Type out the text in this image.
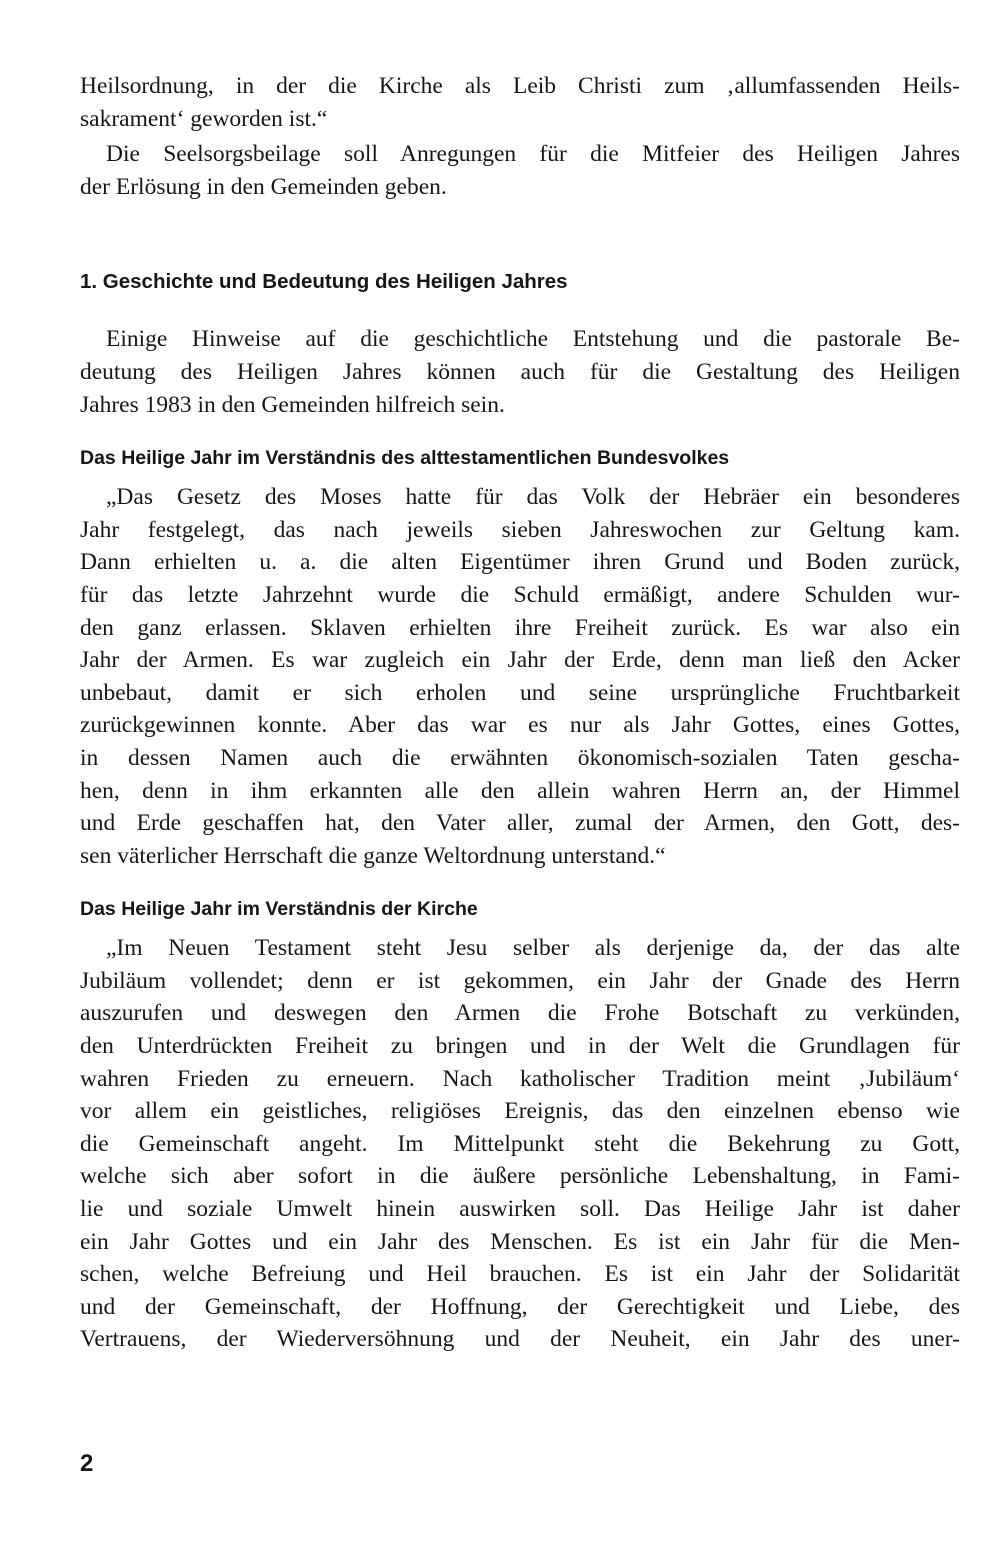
Heilsordnung, in der die Kirche als Leib Christi zum ‚allumfassenden Heils-
sakrament‘ geworden ist.“
Die Seelsorgsbeilage soll Anregungen für die Mitfeier des Heiligen Jahres
der Erlösung in den Gemeinden geben.
1. Geschichte und Bedeutung des Heiligen Jahres
Einige Hinweise auf die geschichtliche Entstehung und die pastorale Be-
deutung des Heiligen Jahres können auch für die Gestaltung des Heiligen
Jahres 1983 in den Gemeinden hilfreich sein.
Das Heilige Jahr im Verständnis des alttestamentlichen Bundesvolkes
„Das Gesetz des Moses hatte für das Volk der Hebräer ein besonderes
Jahr festgelegt, das nach jeweils sieben Jahreswochen zur Geltung kam.
Dann erhielten u. a. die alten Eigentümer ihren Grund und Boden zurück,
für das letzte Jahrzehnt wurde die Schuld ermäßigt, andere Schulden wur-
den ganz erlassen. Sklaven erhielten ihre Freiheit zurück. Es war also ein
Jahr der Armen. Es war zugleich ein Jahr der Erde, denn man ließ den Acker
unbebaut, damit er sich erholen und seine ursprüngliche Fruchtbarkeit
zurückgewinnen konnte. Aber das war es nur als Jahr Gottes, eines Gottes,
in dessen Namen auch die erwähnten ökonomisch-sozialen Taten gescha-
hen, denn in ihm erkannten alle den allein wahren Herrn an, der Himmel
und Erde geschaffen hat, den Vater aller, zumal der Armen, den Gott, des-
sen väterlicher Herrschaft die ganze Weltordnung unterstand.“
Das Heilige Jahr im Verständnis der Kirche
„Im Neuen Testament steht Jesu selber als derjenige da, der das alte
Jubiläum vollendet; denn er ist gekommen, ein Jahr der Gnade des Herrn
auszurufen und deswegen den Armen die Frohe Botschaft zu verkünden,
den Unterdrückten Freiheit zu bringen und in der Welt die Grundlagen für
wahren Frieden zu erneuern. Nach katholischer Tradition meint ‚Jubiläum‘
vor allem ein geistliches, religiöses Ereignis, das den einzelnen ebenso wie
die Gemeinschaft angeht. Im Mittelpunkt steht die Bekehrung zu Gott,
welche sich aber sofort in die äußere persönliche Lebenshaltung, in Fami-
lie und soziale Umwelt hinein auswirken soll. Das Heilige Jahr ist daher
ein Jahr Gottes und ein Jahr des Menschen. Es ist ein Jahr für die Men-
schen, welche Befreiung und Heil brauchen. Es ist ein Jahr der Solidarität
und der Gemeinschaft, der Hoffnung, der Gerechtigkeit und Liebe, des
Vertrauens, der Wiederversöhnung und der Neuheit, ein Jahr des uner-
2
